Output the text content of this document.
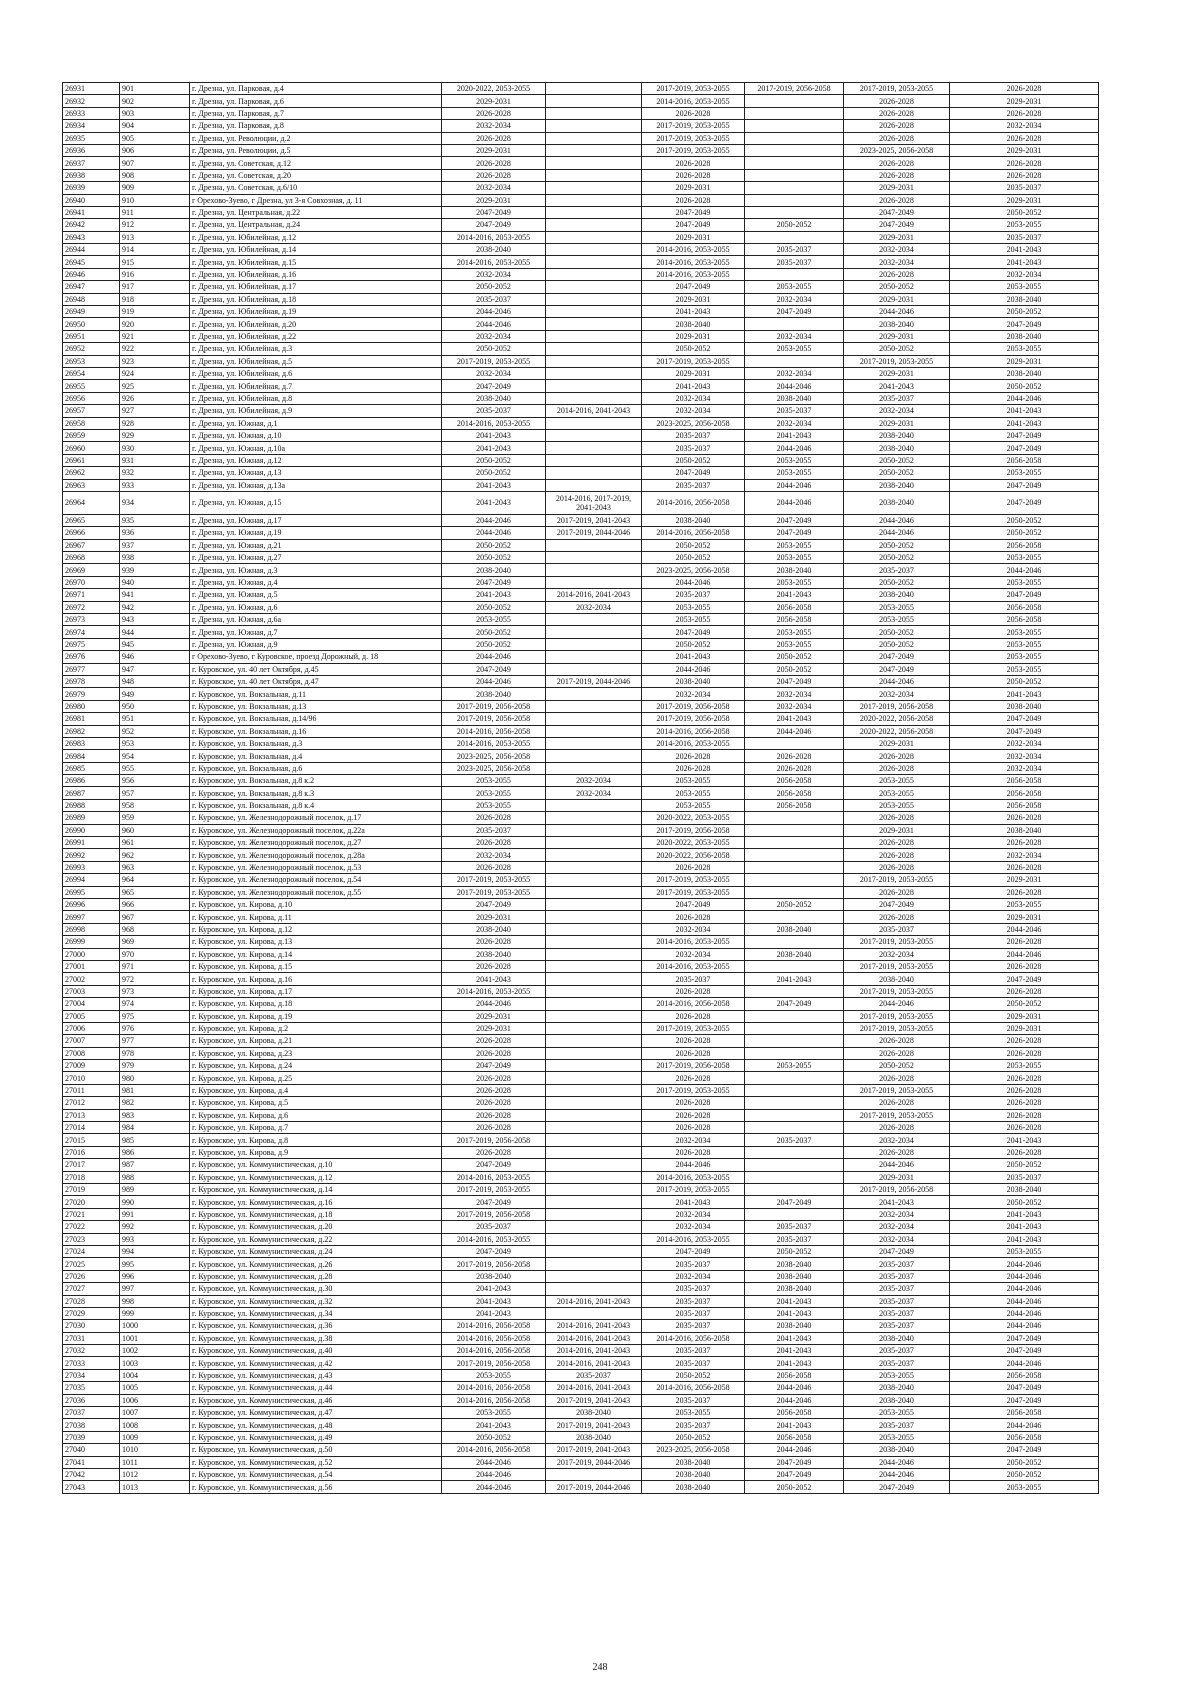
26931	901	г. Дрезна, ул. Парковая, д.4	2020-2022, 2053-2055		2017-2019, 2053-2055	2017-2019, 2056-2058	2017-2019, 2053-2055	2026-2028
26932	902	г. Дрезна, ул. Парковая, д.6	2029-2031		2014-2016, 2053-2055		2026-2028	2029-2031
26933	903	г. Дрезна, ул. Парковая, д.7	2026-2028		2026-2028		2026-2028	2026-2028
26934	904	г. Дрезна, ул. Парковая, д.8	2032-2034		2017-2019, 2053-2055		2026-2028	2032-2034
26935	905	г. Дрезна, ул. Революции, д.2	2026-2028		2017-2019, 2053-2055		2026-2028	2026-2028
26936	906	г. Дрезна, ул. Революции, д.5	2029-2031		2017-2019, 2053-2055		2023-2025, 2056-2058	2029-2031
26937	907	г. Дрезна, ул. Советская, д.12	2026-2028		2026-2028		2026-2028	2026-2028
26938	908	г. Дрезна, ул. Советская, д.20	2026-2028		2026-2028		2026-2028	2026-2028
26939	909	г. Дрезна, ул. Советская, д.6/10	2032-2034		2029-2031		2029-2031	2035-2037
26940	910	г Орехово-Зуево, г Дрезна, ул 3-я Совхозная, д. 11	2029-2031		2026-2028		2026-2028	2029-2031
26941	911	г. Дрезна, ул. Центральная, д.22	2047-2049		2047-2049		2047-2049	2050-2052
26942	912	г. Дрезна, ул. Центральная, д.24	2047-2049		2047-2049	2050-2052	2047-2049	2053-2055
26943	913	г. Дрезна, ул. Юбилейная, д.12	2014-2016, 2053-2055		2029-2031		2029-2031	2035-2037
26944	914	г. Дрезна, ул. Юбилейная, д.14	2038-2040		2014-2016, 2053-2055	2035-2037	2032-2034	2041-2043
26945	915	г. Дрезна, ул. Юбилейная, д.15	2014-2016, 2053-2055		2014-2016, 2053-2055	2035-2037	2032-2034	2041-2043
26946	916	г. Дрезна, ул. Юбилейная, д.16	2032-2034		2014-2016, 2053-2055		2026-2028	2032-2034
26947	917	г. Дрезна, ул. Юбилейная, д.17	2050-2052		2047-2049	2053-2055	2050-2052	2053-2055
26948	918	г. Дрезна, ул. Юбилейная, д.18	2035-2037		2029-2031	2032-2034	2029-2031	2038-2040
26949	919	г. Дрезна, ул. Юбилейная, д.19	2044-2046		2041-2043	2047-2049	2044-2046	2050-2052
26950	920	г. Дрезна, ул. Юбилейная, д.20	2044-2046		2038-2040		2038-2040	2047-2049
26951	921	г. Дрезна, ул. Юбилейная, д.22	2032-2034		2029-2031	2032-2034	2029-2031	2038-2040
26952	922	г. Дрезна, ул. Юбилейная, д.3	2050-2052		2050-2052	2053-2055	2050-2052	2053-2055
26953	923	г. Дрезна, ул. Юбилейная, д.5	2017-2019, 2053-2055		2017-2019, 2053-2055		2017-2019, 2053-2055	2029-2031
26954	924	г. Дрезна, ул. Юбилейная, д.6	2032-2034		2029-2031	2032-2034	2029-2031	2038-2040
26955	925	г. Дрезна, ул. Юбилейная, д.7	2047-2049		2041-2043	2044-2046	2041-2043	2050-2052
26956	926	г. Дрезна, ул. Юбилейная, д.8	2038-2040		2032-2034	2038-2040	2035-2037	2044-2046
26957	927	г. Дрезна, ул. Юбилейная, д.9	2035-2037	2014-2016, 2041-2043	2032-2034	2035-2037	2032-2034	2041-2043
26958	928	г. Дрезна, ул. Южная, д.1	2014-2016, 2053-2055		2023-2025, 2056-2058	2032-2034	2029-2031	2041-2043
26959	929	г. Дрезна, ул. Южная, д.10	2041-2043		2035-2037	2041-2043	2038-2040	2047-2049
26960	930	г. Дрезна, ул. Южная, д.10а	2041-2043		2035-2037	2044-2046	2038-2040	2047-2049
26961	931	г. Дрезна, ул. Южная, д.12	2050-2052		2050-2052	2053-2055	2050-2052	2056-2058
26962	932	г. Дрезна, ул. Южная, д.13	2050-2052		2047-2049	2053-2055	2050-2052	2053-2055
26963	933	г. Дрезна, ул. Южная, д.13а	2041-2043		2035-2037	2044-2046	2038-2040	2047-2049
26964	934	г. Дрезна, ул. Южная, д.15	2041-2043	2014-2016, 2017-2019, 2041-2043	2014-2016, 2056-2058	2044-2046	2038-2040	2047-2049
26965	935	г. Дрезна, ул. Южная, д.17	2044-2046	2017-2019, 2041-2043	2038-2040	2047-2049	2044-2046	2050-2052
26966	936	г. Дрезна, ул. Южная, д.19	2044-2046	2017-2019, 2044-2046	2014-2016, 2056-2058	2047-2049	2044-2046	2050-2052
26967	937	г. Дрезна, ул. Южная, д.21	2050-2052		2050-2052	2053-2055	2050-2052	2056-2058
26968	938	г. Дрезна, ул. Южная, д.27	2050-2052		2050-2052	2053-2055	2050-2052	2053-2055
26969	939	г. Дрезна, ул. Южная, д.3	2038-2040		2023-2025, 2056-2058	2038-2040	2035-2037	2044-2046
26970	940	г. Дрезна, ул. Южная, д.4	2047-2049		2044-2046	2053-2055	2050-2052	2053-2055
26971	941	г. Дрезна, ул. Южная, д.5	2041-2043	2014-2016, 2041-2043	2035-2037	2041-2043	2038-2040	2047-2049
26972	942	г. Дрезна, ул. Южная, д.6	2050-2052	2032-2034	2053-2055	2056-2058	2053-2055	2056-2058
26973	943	г. Дрезна, ул. Южная, д.6а	2053-2055		2053-2055	2056-2058	2053-2055	2056-2058
26974	944	г. Дрезна, ул. Южная, д.7	2050-2052		2047-2049	2053-2055	2050-2052	2053-2055
26975	945	г. Дрезна, ул. Южная, д.9	2050-2052		2050-2052	2053-2055	2050-2052	2053-2055
26976	946	г Орехово-Зуево, г Куровское, проезд Дорожный, д. 18	2044-2046		2041-2043	2050-2052	2047-2049	2053-2055
26977	947	г. Куровское, ул. 40 лет Октября, д.45	2047-2049		2044-2046	2050-2052	2047-2049	2053-2055
26978	948	г. Куровское, ул. 40 лет Октября, д.47	2044-2046	2017-2019, 2044-2046	2038-2040	2047-2049	2044-2046	2050-2052
26979	949	г. Куровское, ул. Вокзальная, д.11	2038-2040		2032-2034	2032-2034	2032-2034	2041-2043
26980	950	г. Куровское, ул. Вокзальная, д.13	2017-2019, 2056-2058		2017-2019, 2056-2058	2032-2034	2017-2019, 2056-2058	2038-2040
26981	951	г. Куровское, ул. Вокзальная, д.14/96	2017-2019, 2056-2058		2017-2019, 2056-2058	2041-2043	2020-2022, 2056-2058	2047-2049
26982	952	г. Куровское, ул. Вокзальная, д.16	2014-2016, 2056-2058		2014-2016, 2056-2058	2044-2046	2020-2022, 2056-2058	2047-2049
26983	953	г. Куровское, ул. Вокзальная, д.3	2014-2016, 2053-2055		2014-2016, 2053-2055		2029-2031	2032-2034
26984	954	г. Куровское, ул. Вокзальная, д.4	2023-2025, 2056-2058		2026-2028	2026-2028	2026-2028	2032-2034
26985	955	г. Куровское, ул. Вокзальная, д.6	2023-2025, 2056-2058		2026-2028	2026-2028	2026-2028	2032-2034
26986	956	г. Куровское, ул. Вокзальная, д.8 к.2	2053-2055	2032-2034	2053-2055	2056-2058	2053-2055	2056-2058
26987	957	г. Куровское, ул. Вокзальная, д.8 к.3	2053-2055	2032-2034	2053-2055	2056-2058	2053-2055	2056-2058
26988	958	г. Куровское, ул. Вокзальная, д.8 к.4	2053-2055		2053-2055	2056-2058	2053-2055	2056-2058
26989	959	г. Куровское, ул. Железнодорожный поселок, д.17	2026-2028		2020-2022, 2053-2055		2026-2028	2026-2028
26990	960	г. Куровское, ул. Железнодорожный поселок, д.22а	2035-2037		2017-2019, 2056-2058		2029-2031	2038-2040
26991	961	г. Куровское, ул. Железнодорожный поселок, д.27	2026-2028		2020-2022, 2053-2055		2026-2028	2026-2028
26992	962	г. Куровское, ул. Железнодорожный поселок, д.28а	2032-2034		2020-2022, 2056-2058		2026-2028	2032-2034
26993	963	г. Куровское, ул. Железнодорожный поселок, д.53	2026-2028		2026-2028		2026-2028	2026-2028
26994	964	г. Куровское, ул. Железнодорожный поселок, д.54	2017-2019, 2053-2055		2017-2019, 2053-2055		2017-2019, 2053-2055	2029-2031
26995	965	г. Куровское, ул. Железнодорожный поселок, д.55	2017-2019, 2053-2055		2017-2019, 2053-2055		2026-2028	2026-2028
26996	966	г. Куровское, ул. Кирова, д.10	2047-2049		2047-2049	2050-2052	2047-2049	2053-2055
26997	967	г. Куровское, ул. Кирова, д.11	2029-2031		2026-2028		2026-2028	2029-2031
26998	968	г. Куровское, ул. Кирова, д.12	2038-2040		2032-2034	2038-2040	2035-2037	2044-2046
26999	969	г. Куровское, ул. Кирова, д.13	2026-2028		2014-2016, 2053-2055		2017-2019, 2053-2055	2026-2028
27000	970	г. Куровское, ул. Кирова, д.14	2038-2040		2032-2034	2038-2040	2032-2034	2044-2046
27001	971	г. Куровское, ул. Кирова, д.15	2026-2028		2014-2016, 2053-2055		2017-2019, 2053-2055	2026-2028
27002	972	г. Куровское, ул. Кирова, д.16	2041-2043		2035-2037	2041-2043	2038-2040	2047-2049
27003	973	г. Куровское, ул. Кирова, д.17	2014-2016, 2053-2055		2026-2028		2017-2019, 2053-2055	2026-2028
27004	974	г. Куровское, ул. Кирова, д.18	2044-2046		2014-2016, 2056-2058	2047-2049	2044-2046	2050-2052
27005	975	г. Куровское, ул. Кирова, д.19	2029-2031		2026-2028		2017-2019, 2053-2055	2029-2031
27006	976	г. Куровское, ул. Кирова, д.2	2029-2031		2017-2019, 2053-2055		2017-2019, 2053-2055	2029-2031
27007	977	г. Куровское, ул. Кирова, д.21	2026-2028		2026-2028		2026-2028	2026-2028
27008	978	г. Куровское, ул. Кирова, д.23	2026-2028		2026-2028		2026-2028	2026-2028
27009	979	г. Куровское, ул. Кирова, д.24	2047-2049		2017-2019, 2056-2058	2053-2055	2050-2052	2053-2055
27010	980	г. Куровское, ул. Кирова, д.25	2026-2028		2026-2028		2026-2028	2026-2028
27011	981	г. Куровское, ул. Кирова, д.4	2026-2028		2017-2019, 2053-2055		2017-2019, 2053-2055	2026-2028
27012	982	г. Куровское, ул. Кирова, д.5	2026-2028		2026-2028		2026-2028	2026-2028
27013	983	г. Куровское, ул. Кирова, д.6	2026-2028		2026-2028		2017-2019, 2053-2055	2026-2028
27014	984	г. Куровское, ул. Кирова, д.7	2026-2028		2026-2028		2026-2028	2026-2028
27015	985	г. Куровское, ул. Кирова, д.8	2017-2019, 2056-2058		2032-2034	2035-2037	2032-2034	2041-2043
27016	986	г. Куровское, ул. Кирова, д.9	2026-2028		2026-2028		2026-2028	2026-2028
27017	987	г. Куровское, ул. Коммунистическая, д.10	2047-2049		2044-2046		2044-2046	2050-2052
27018	988	г. Куровское, ул. Коммунистическая, д.12	2014-2016, 2053-2055		2014-2016, 2053-2055		2029-2031	2035-2037
27019	989	г. Куровское, ул. Коммунистическая, д.14	2017-2019, 2053-2055		2017-2019, 2053-2055		2017-2019, 2056-2058	2038-2040
27020	990	г. Куровское, ул. Коммунистическая, д.16	2047-2049		2041-2043	2047-2049	2041-2043	2050-2052
27021	991	г. Куровское, ул. Коммунистическая, д.18	2017-2019, 2056-2058		2032-2034		2032-2034	2041-2043
27022	992	г. Куровское, ул. Коммунистическая, д.20	2035-2037		2032-2034	2035-2037	2032-2034	2041-2043
27023	993	г. Куровское, ул. Коммунистическая, д.22	2014-2016, 2053-2055		2014-2016, 2053-2055	2035-2037	2032-2034	2041-2043
27024	994	г. Куровское, ул. Коммунистическая, д.24	2047-2049		2047-2049	2050-2052	2047-2049	2053-2055
27025	995	г. Куровское, ул. Коммунистическая, д.26	2017-2019, 2056-2058		2035-2037	2038-2040	2035-2037	2044-2046
27026	996	г. Куровское, ул. Коммунистическая, д.28	2038-2040		2032-2034	2038-2040	2035-2037	2044-2046
27027	997	г. Куровское, ул. Коммунистическая, д.30	2041-2043		2035-2037	2038-2040	2035-2037	2044-2046
27028	998	г. Куровское, ул. Коммунистическая, д.32	2041-2043	2014-2016, 2041-2043	2035-2037	2041-2043	2035-2037	2044-2046
27029	999	г. Куровское, ул. Коммунистическая, д.34	2041-2043		2035-2037	2041-2043	2035-2037	2044-2046
27030	1000	г. Куровское, ул. Коммунистическая, д.36	2014-2016, 2056-2058	2014-2016, 2041-2043	2035-2037	2038-2040	2035-2037	2044-2046
27031	1001	г. Куровское, ул. Коммунистическая, д.38	2014-2016, 2056-2058	2014-2016, 2041-2043	2014-2016, 2056-2058	2041-2043	2038-2040	2047-2049
27032	1002	г. Куровское, ул. Коммунистическая, д.40	2014-2016, 2056-2058	2014-2016, 2041-2043	2035-2037	2041-2043	2035-2037	2047-2049
27033	1003	г. Куровское, ул. Коммунистическая, д.42	2017-2019, 2056-2058	2014-2016, 2041-2043	2035-2037	2041-2043	2035-2037	2044-2046
27034	1004	г. Куровское, ул. Коммунистическая, д.43	2053-2055	2035-2037	2050-2052	2056-2058	2053-2055	2056-2058
27035	1005	г. Куровское, ул. Коммунистическая, д.44	2014-2016, 2056-2058	2014-2016, 2041-2043	2014-2016, 2056-2058	2044-2046	2038-2040	2047-2049
27036	1006	г. Куровское, ул. Коммунистическая, д.46	2014-2016, 2056-2058	2017-2019, 2041-2043	2035-2037	2044-2046	2038-2040	2047-2049
27037	1007	г. Куровское, ул. Коммунистическая, д.47	2053-2055	2038-2040	2053-2055	2056-2058	2053-2055	2056-2058
27038	1008	г. Куровское, ул. Коммунистическая, д.48	2041-2043	2017-2019, 2041-2043	2035-2037	2041-2043	2035-2037	2044-2046
27039	1009	г. Куровское, ул. Коммунистическая, д.49	2050-2052	2038-2040	2050-2052	2056-2058	2053-2055	2056-2058
27040	1010	г. Куровское, ул. Коммунистическая, д.50	2014-2016, 2056-2058	2017-2019, 2041-2043	2023-2025, 2056-2058	2044-2046	2038-2040	2047-2049
27041	1011	г. Куровское, ул. Коммунистическая, д.52	2044-2046	2017-2019, 2044-2046	2038-2040	2047-2049	2044-2046	2050-2052
27042	1012	г. Куровское, ул. Коммунистическая, д.54	2044-2046		2038-2040	2047-2049	2044-2046	2050-2052
27043	1013	г. Куровское, ул. Коммунистическая, д.56	2044-2046	2017-2019, 2044-2046	2038-2040	2050-2052	2047-2049	2053-2055
248
